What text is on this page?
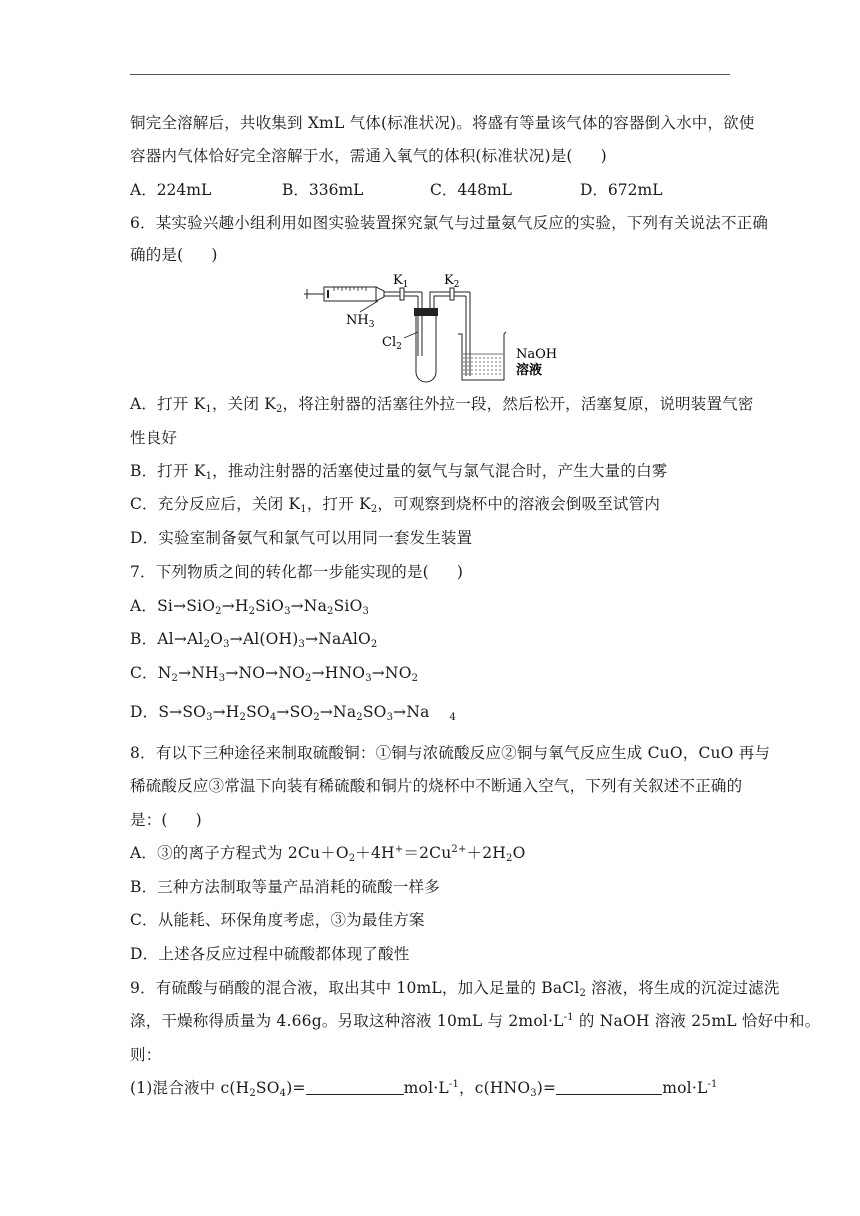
铜完全溶解后，共收集到 XmL 气体(标准状况)。将盛有等量该气体的容器倒入水中，欲使
容器内气体恰好完全溶解于水，需通入氧气的体积(标准状况)是( )
A．224mL	B．336mL	C．448mL	D．672mL
6．某实验兴趣小组利用如图实验装置探究氯气与过量氨气反应的实验，下列有关说法不正确
确的是( )
$K_1$	$K_2$
$NH_3$
$Cl_2$	NaOH
溶液
A．打开 $K_1$，关闭 $K_2$，将注射器的活塞往外拉一段，然后松开，活塞复原，说明装置气密
性良好
B．打开 $K_1$，推动注射器的活塞使过量的氨气与氯气混合时，产生大量的白雾
C．充分反应后，关闭 $K_1$，打开 $K_2$，可观察到烧杯中的溶液会倒吸至试管内
D．实验室制备氨气和氯气可以用同一套发生装置
7．下列物质之间的转化都一步能实现的是( )
A．$Si\to SiO_2\to H_2SiO_3\to Na_2SiO_3$
B．$Al\to Al_2O_3\to Al(OH)_3\to NaAlO_2$
C．$N_2\to NH_3\to NO\to NO_2\to HNO_3\to NO_2$
D．$S\to SO_3\to H_2SO_4\to SO_2\to Na_2SO_3\to Na$ 4
8．有以下三种途径来制取硫酸铜：①铜与浓硫酸反应②铜与氧气反应生成 CuO，CuO 再与
稀硫酸反应③常温下向装有稀硫酸和铜片的烧杯中不断通入空气，下列有关叙述不正确的
是：( )
A．③的离子方程式为 $2Cu+O_2+4H^+=2Cu^{2+}+2H_2O$
B．三种方法制取等量产品消耗的硫酸一样多
C．从能耗、环保角度考虑，③为最佳方案
D．上述各反应过程中硫酸都体现了酸性
9．有硫酸与硝酸的混合液，取出其中 10mL，加入足量的 BaCl$_2$ 溶液，将生成的沉淀过滤洗
涤，干燥称得质量为 4.66g。另取这种溶液 10mL 与 $2mol\cdot L^{-1}$ 的 NaOH 溶液 25mL 恰好中和。
则：
(1)混合液中 $c(H_2SO_4)=$	$mol\cdot L^{-1}$，$c(HNO_3)=$	$mol\cdot L^{-1}$
